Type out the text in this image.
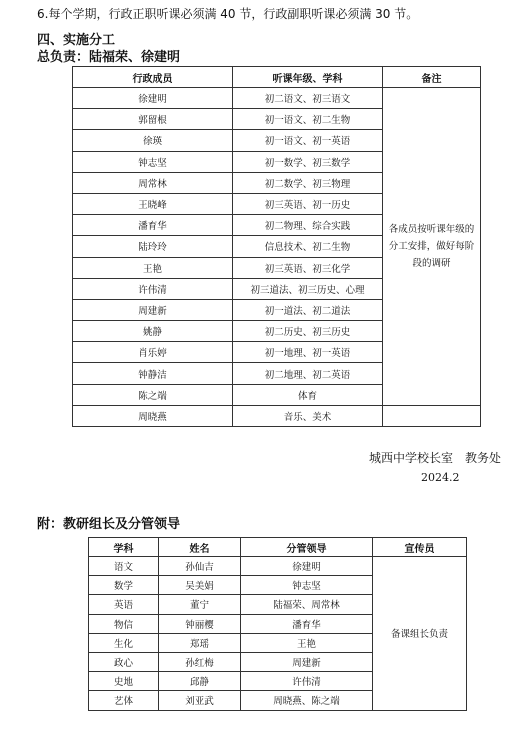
6.每个学期，行政正职听课必须满 40 节，行政副职听课必须满 30 节。
四、实施分工
总负责：陆福荣、徐建明
行政成员	听课年级、学科	备注
徐建明	初二语文、初三语文	各成员按听课年级的分工安排，做好每阶段的调研
郭留根	初一语文、初二生物	
徐瑛	初一语文、初一英语	
钟志坚	初一数学、初三数学	
周常林	初二数学、初三物理	
王晓峰	初三英语、初一历史	
潘育华	初二物理、综合实践	
陆玲玲	信息技术、初二生物	
王艳	初三英语、初三化学	
许伟清	初三道法、初三历史、心理	
周建新	初一道法、初二道法	
姚静	初二历史、初三历史	
肖乐婷	初一地理、初一英语	
钟静洁	初二地理、初二英语	
陈之端	体育	
周晓燕	音乐、美术	
城西中学校长室　教务处
2024.2
附：教研组长及分管领导
学科	姓名	分管领导	宣传员
语文	孙仙吉	徐建明	备课组长负责
数学	吴美娟	钟志坚	
英语	董宁	陆福荣、周常林	
物信	钟丽樱	潘育华	
生化	郑瑶	王艳	
政心	孙红梅	周建新	
史地	邱静	许伟清	
艺体	刘亚武	周晓燕、陈之端	
